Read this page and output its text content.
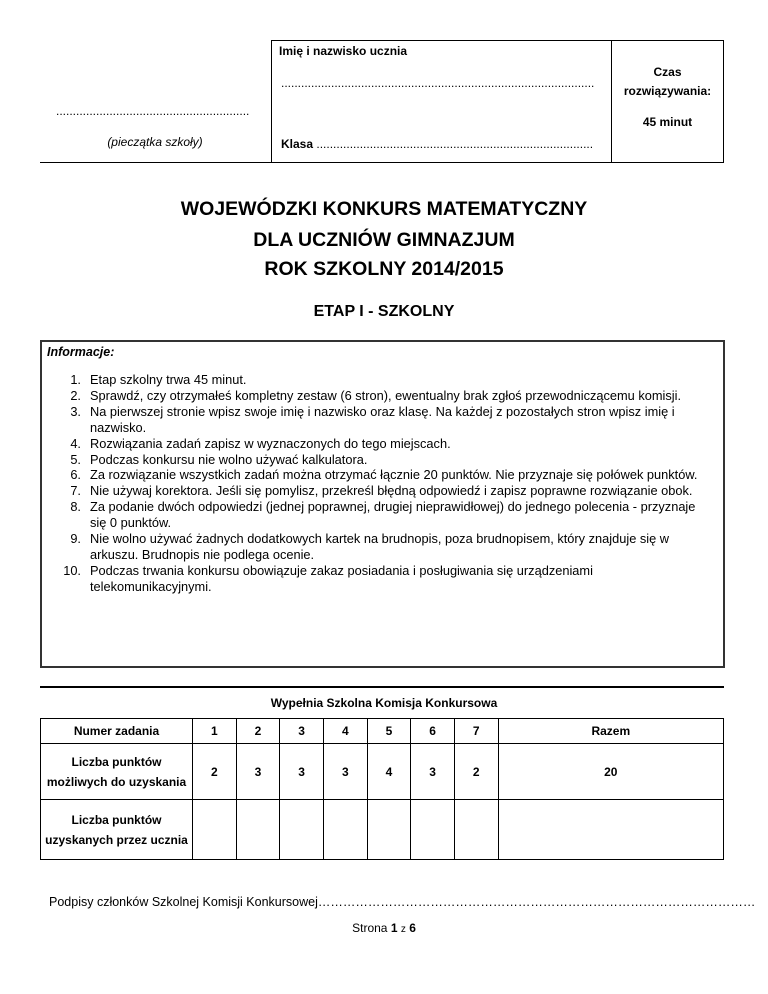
..........................................................
(pieczątka szkoły)
Imię i nazwisko ucznia
..............................................................................................
Klasa ...................................................................................
Czas
rozwiązywania:
45 minut
WOJEWÓDZKI KONKURS MATEMATYCZNY
DLA UCZNIÓW GIMNAZJUM
ROK SZKOLNY 2014/2015
ETAP I - SZKOLNY
Informacje:
1. Etap szkolny trwa 45 minut.
2. Sprawdź, czy otrzymałeś kompletny zestaw (6 stron), ewentualny brak zgłoś przewodniczącemu komisji.
3. Na pierwszej stronie wpisz swoje imię i nazwisko oraz klasę. Na każdej z pozostałych stron wpisz imię i nazwisko.
4. Rozwiązania zadań zapisz w wyznaczonych do tego miejscach.
5. Podczas konkursu nie wolno używać kalkulatora.
6. Za rozwiązanie wszystkich zadań można otrzymać łącznie 20 punktów. Nie przyznaje się połówek punktów.
7. Nie używaj korektora. Jeśli się pomylisz, przekreśl błędną odpowiedź i zapisz poprawne rozwiązanie obok.
8. Za podanie dwóch odpowiedzi (jednej poprawnej, drugiej nieprawidłowej) do jednego polecenia - przyznaje się 0 punktów.
9. Nie wolno używać żadnych dodatkowych kartek na brudnopis, poza brudnopisem, który znajduje się w arkuszu. Brudnopis nie podlega ocenie.
10. Podczas trwania konkursu obowiązuje zakaz posiadania i posługiwania się urządzeniami telekomunikacyjnymi.
Wypełnia Szkolna Komisja Konkursowa
Numer zadania	1	2	3	4	5	6	7	Razem
Liczba punktów możliwych do uzyskania	2	3	3	3	4	3	2	20
Liczba punktów uzyskanych przez ucznia								
Podpisy członków Szkolnej Komisji Konkursowej……………………………………………………………………………………………
Strona 1 z 6
